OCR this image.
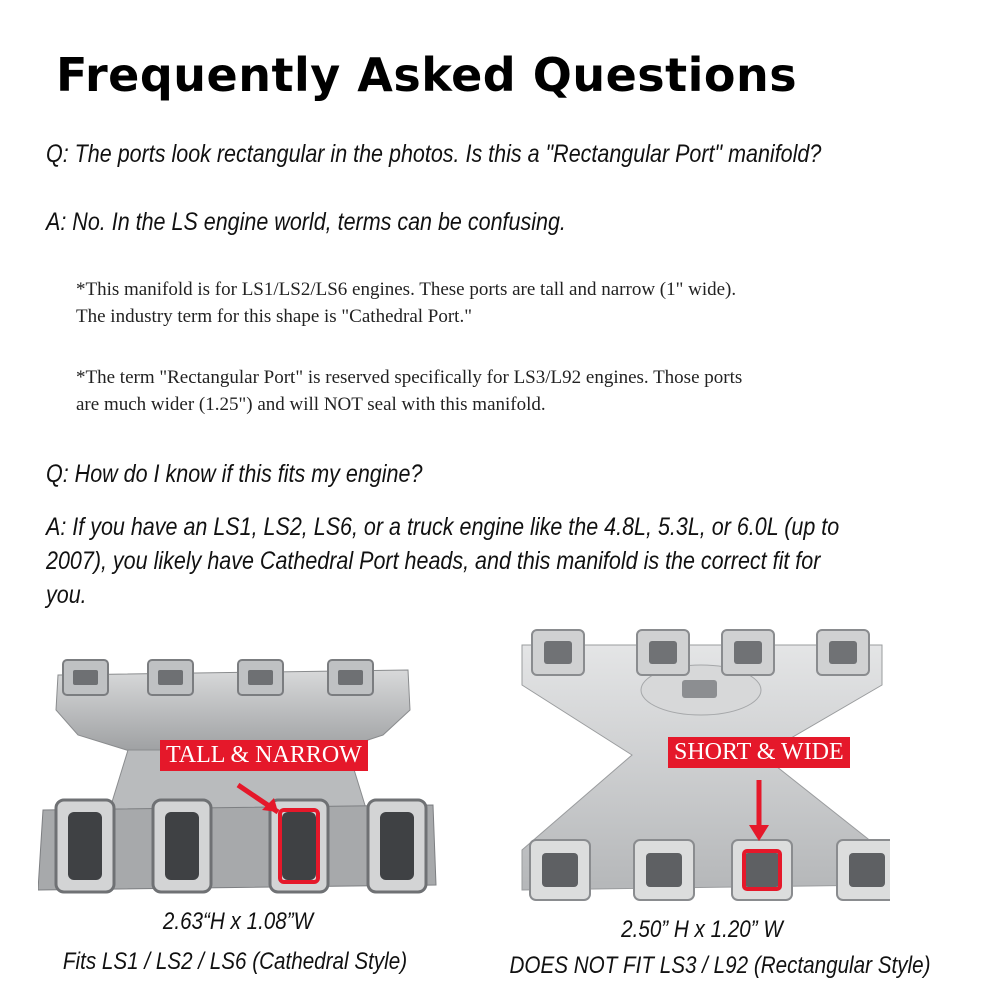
Frequently Asked Questions
Q: The ports look rectangular in the photos. Is this a "Rectangular Port" manifold?
A: No. In the LS engine world, terms can be confusing.
*This manifold is for LS1/LS2/LS6 engines. These ports are tall and narrow (1" wide).
The industry term for this shape is "Cathedral Port."
*The term "Rectangular Port" is reserved specifically for LS3/L92 engines. Those ports
are much wider (1.25") and will NOT seal with this manifold.
Q: How do I know if this fits my engine?
A: If you have an LS1, LS2, LS6, or a truck engine like the 4.8L, 5.3L, or 6.0L (up to
2007), you likely have Cathedral Port heads, and this manifold is the correct fit for
you.
TALL & NARROW	SHORT & WIDE
2.63“H x 1.08”W
Fits LS1 / LS2 / LS6 (Cathedral Style)
2.50” H x 1.20” W
DOES NOT FIT LS3 / L92 (Rectangular Style)
